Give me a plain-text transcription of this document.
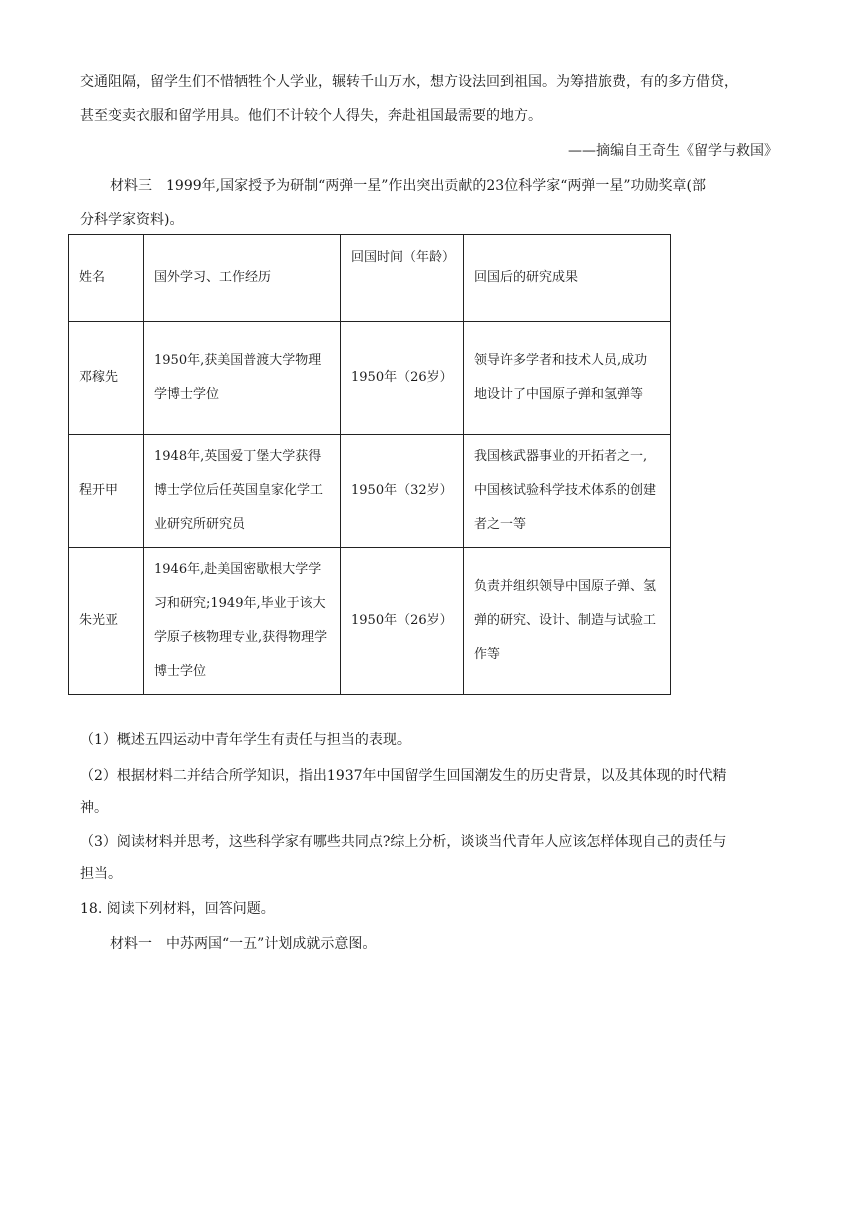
交通阻隔，留学生们不惜牺牲个人学业，辗转千山万水，想方设法回到祖国。为筹措旅费，有的多方借贷，
甚至变卖衣服和留学用具。他们不计较个人得失，奔赴祖国最需要的地方。
——摘编自王奇生《留学与救国》
材料三　1999年,国家授予为研制“两弹一星”作出突出贡献的23位科学家“两弹一星”功勋奖章(部
分科学家资料)。
姓名	国外学习、工作经历	回国时间（年龄）	回国后的研究成果
邓稼先	1950年,获美国普渡大学物理学博士学位	1950年（26岁）	领导许多学者和技术人员,成功地设计了中国原子弹和氢弹等
程开甲	1948年,英国爱丁堡大学获得博士学位后任英国皇家化学工业研究所研究员	1950年（32岁）	我国核武器事业的开拓者之一,中国核试验科学技术体系的创建者之一等
朱光亚	1946年,赴美国密歇根大学学习和研究;1949年,毕业于该大学原子核物理专业,获得物理学博士学位	1950年（26岁）	负责并组织领导中国原子弹、氢弹的研究、设计、制造与试验工作等
（1）概述五四运动中青年学生有责任与担当的表现。
（2）根据材料二并结合所学知识，指出1937年中国留学生回国潮发生的历史背景，以及其体现的时代精
神。
（3）阅读材料并思考，这些科学家有哪些共同点?综上分析，谈谈当代青年人应该怎样体现自己的责任与
担当。
18. 阅读下列材料，回答问题。
材料一　中苏两国“一五”计划成就示意图。
